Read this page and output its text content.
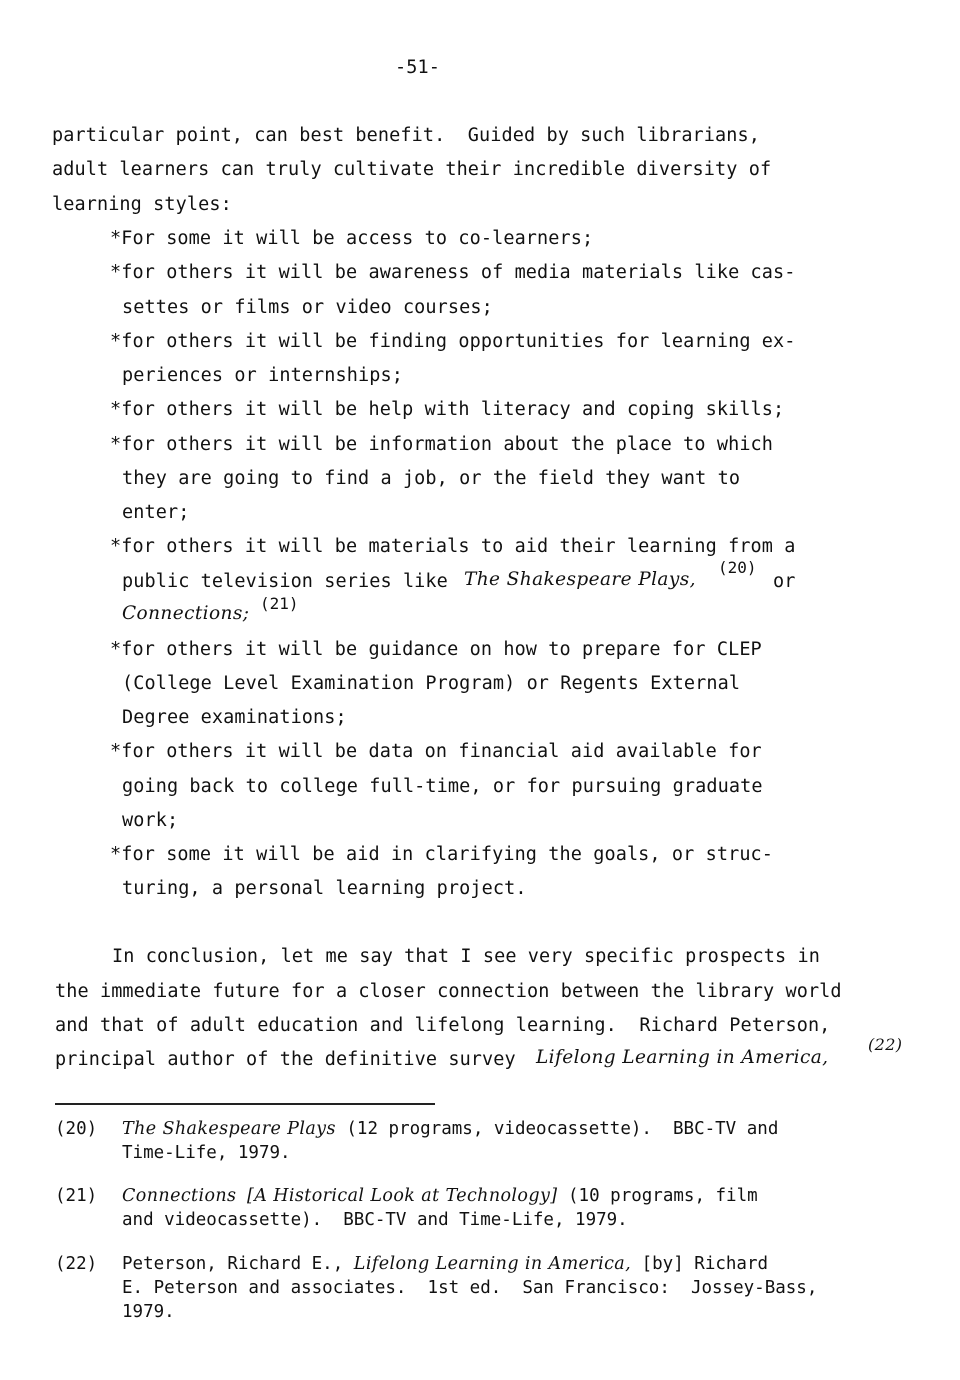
-51-
particular point, can best benefit.  Guided by such librarians,
adult learners can truly cultivate their incredible diversity of
learning styles:
*For some it will be access to co-learners;
*for others it will be awareness of media materials like cas-
settes or films or video courses;
*for others it will be finding opportunities for learning ex-
periences or internships;
*for others it will be help with literacy and coping skills;
*for others it will be information about the place to which
they are going to find a job, or the field they want to
enter;
*for others it will be materials to aid their learning from a
public television series like The Shakespeare Plays,
(20)
or
Connections; (21)
*for others it will be guidance on how to prepare for CLEP
(College Level Examination Program) or Regents External
Degree examinations;
*for others it will be data on financial aid available for
going back to college full-time, or for pursuing graduate
work;
*for some it will be aid in clarifying the goals, or struc-
turing, a personal learning project.
In conclusion, let me say that I see very specific prospects in
the immediate future for a closer connection between the library world
and that of adult education and lifelong learning.  Richard Peterson,
principal author of the definitive survey Lifelong Learning in America,
(22)
(20) The Shakespeare Plays (12 programs, videocassette).  BBC-TV and
Time-Life, 1979.
(21) Connections [A Historical Look at Technology] (10 programs, film
and videocassette).  BBC-TV and Time-Life, 1979.
(22) Peterson, Richard E., Lifelong Learning in America, [by] Richard
E. Peterson and associates.  1st ed.  San Francisco:  Jossey-Bass,
1979.
